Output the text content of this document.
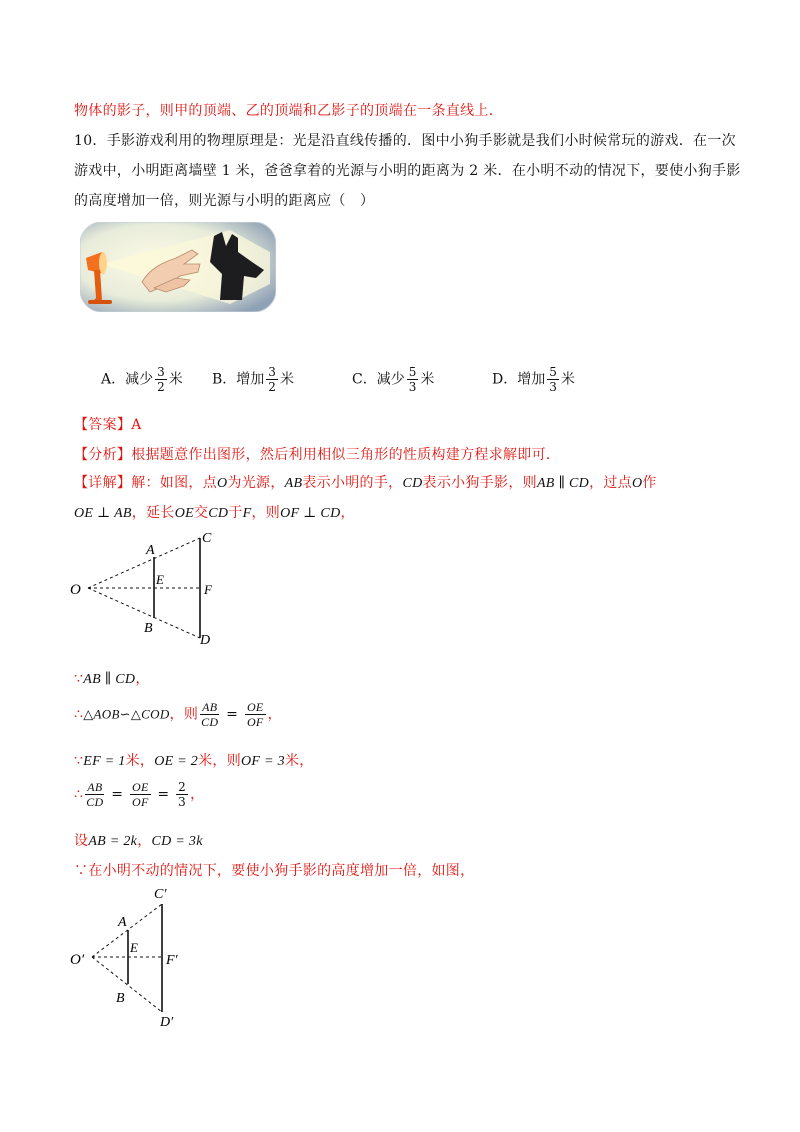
物体的影子，则甲的顶端、乙的顶端和乙影子的顶端在一条直线上．
10．手影游戏利用的物理原理是：光是沿直线传播的．图中小狗手影就是我们小时候常玩的游戏．在一次
游戏中，小明距离墙壁 1 米，爸爸拿着的光源与小明的距离为 2 米．在小明不动的情况下，要使小狗手影
的高度增加一倍，则光源与小明的距离应（　）
A．减少 $\frac{3}{2}$ 米 B．增加 $\frac{3}{2}$ 米	C．减少 $\frac{5}{3}$ 米	D．增加 $\frac{5}{3}$ 米
【答案】A
【分析】根据题意作出图形，然后利用相似三角形的性质构建方程求解即可．
【详解】解：如图，点O为光源，AB表示小明的手，CD表示小狗手影，则AB ∥ CD，过点O作
OE ⊥ AB，延长OE交CD于F，则OF ⊥ CD，
O
A
B
C
D
E
F
∵AB ∥ CD，
∴△AOB∽△COD，则 $\frac{AB}{CD} = \frac{OE}{OF}$ ，
∵EF = 1米，OE = 2米，则OF = 3米，
∴ $\frac{AB}{CD} = \frac{OE}{OF} = \frac{2}{3}$ ，
设AB = 2k，CD = 3k
∵在小明不动的情况下，要使小狗手影的高度增加一倍，如图，
O′
A
B
C′
D′
E
F′
